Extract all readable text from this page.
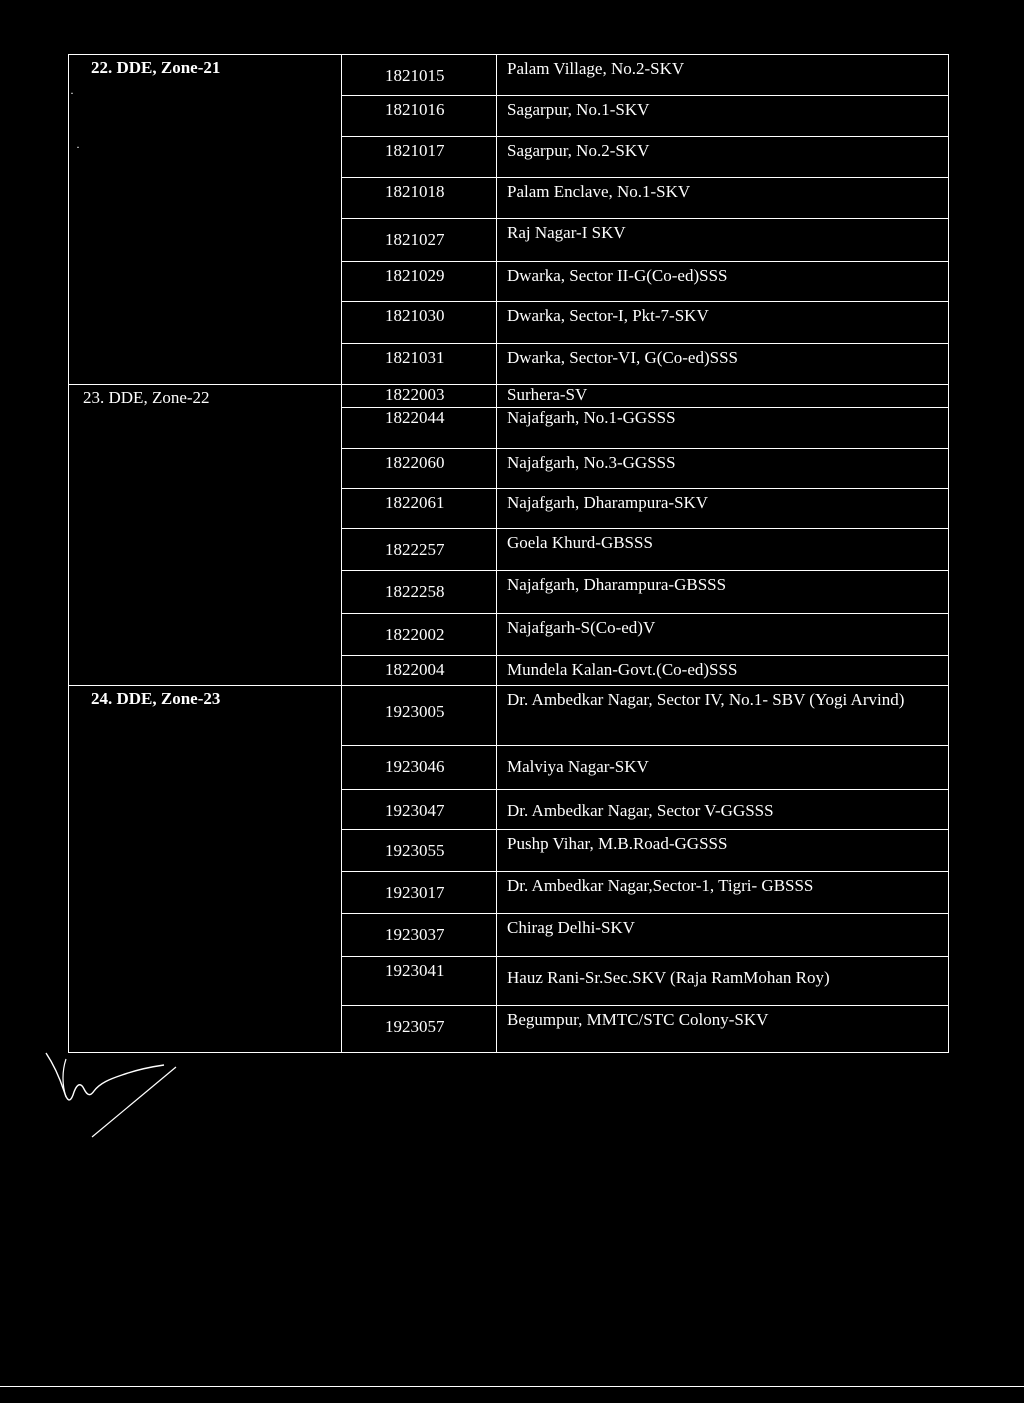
22. DDE, Zone-21	1821015	Palam Village, No.2-SKV

	1821016	Sagarpur, No.1-SKV

	1821017	Sagarpur, No.2-SKV

	1821018	Palam Enclave, No.1-SKV

	1821027	Raj Nagar-I SKV

	1821029	Dwarka, Sector II-G(Co-ed)SSS

	1821030	Dwarka, Sector-I, Pkt-7-SKV

	1821031	Dwarka, Sector-VI, G(Co-ed)SSS

23. DDE, Zone-22	1822003	Surhera-SV
	1822044	Najafgarh, No.1-GGSSS

	1822060	Najafgarh, No.3-GGSSS

	1822061	Najafgarh, Dharampura-SKV

	1822257	Goela Khurd-GBSSS

	1822258	Najafgarh, Dharampura-GBSSS

	1822002	Najafgarh-S(Co-ed)V

	1822004	Mundela Kalan-Govt.(Co-ed)SSS

24. DDE, Zone-23	1923005	Dr. Ambedkar Nagar, Sector IV, No.1- SBV (Yogi Arvind)

	1923046	Malviya Nagar-SKV

	1923047	Dr. Ambedkar Nagar, Sector V-GGSSS

	1923055	Pushp Vihar, M.B.Road-GGSSS

	1923017	Dr. Ambedkar Nagar,Sector-1, Tigri- GBSSS

	1923037	Chirag Delhi-SKV

	1923041	Hauz Rani-Sr.Sec.SKV (Raja RamMohan Roy)

	1923057	Begumpur, MMTC/STC Colony-SKV
·
·
